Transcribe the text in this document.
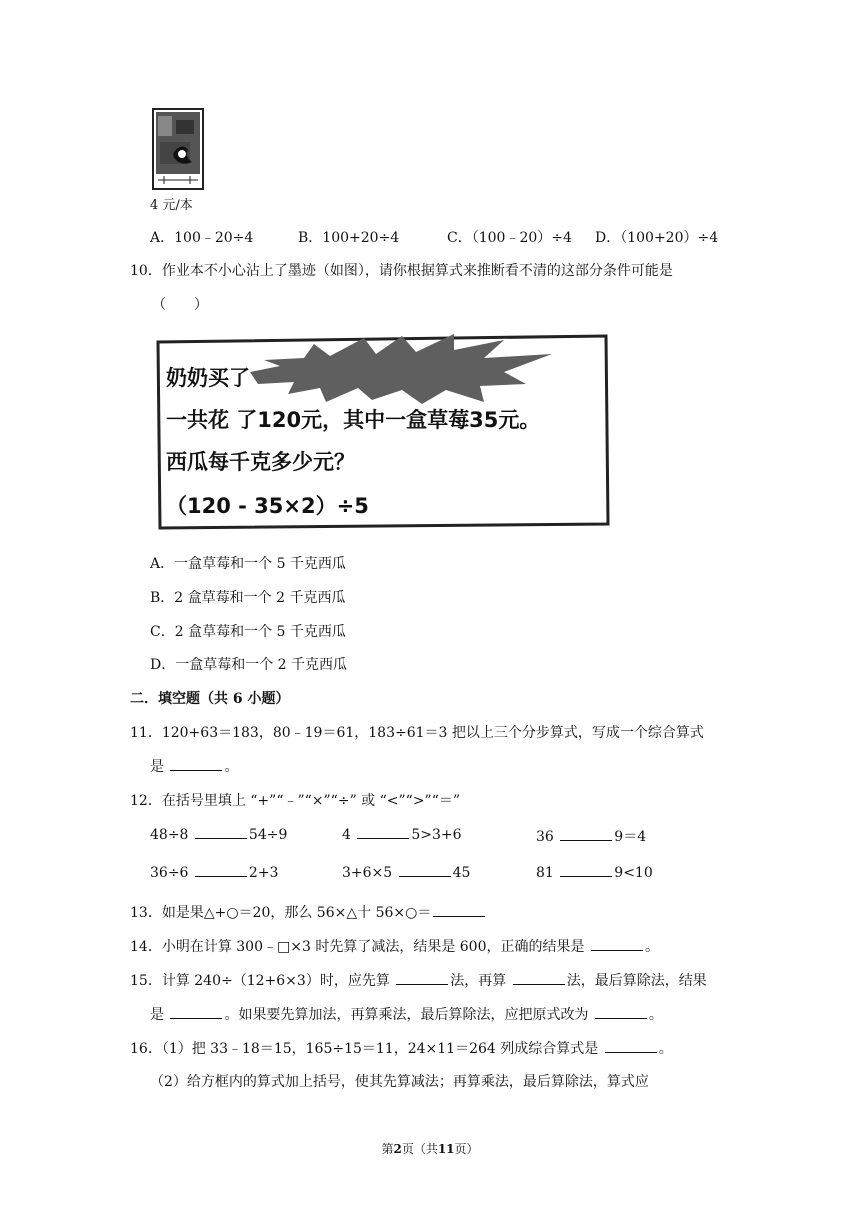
4 元/本
A．100﹣20÷4	B．100+20÷4	C．（100﹣20）÷4 D．（100+20）÷4
10．作业本不小心沾上了墨迹（如图），请你根据算式来推断看不清的这部分条件可能是
（　　）
奶奶买了
一共花 了120元，其中一盒草莓35元。
西瓜每千克多少元？
（120 - 35×2）÷5
A．一盒草莓和一个 5 千克西瓜
B．2 盒草莓和一个 2 千克西瓜
C．2 盒草莓和一个 5 千克西瓜
D．一盒草莓和一个 2 千克西瓜
二．填空题（共 6 小题）
11．120+63＝183，80﹣19＝61，183÷61＝3 把以上三个分步算式，写成一个综合算式
是	。
12．在括号里填上 “+”“﹣”“×”“÷” 或 “<”“>”“＝”
48÷8	54÷9	4	5>3+6	36	9＝4
36÷6	2+3	3+6×5	45	81	9<10
13．如是果△+○＝20，那么 56×△十 56×○＝
14．小明在计算 300﹣□×3 时先算了减法，结果是 600，正确的结果是	。
15．计算 240÷（12+6×3）时，应先算	法，再算	法，最后算除法，结果
是	。如果要先算加法，再算乘法，最后算除法，应把原式改为	。
16．（1）把 33﹣18＝15，165÷15＝11，24×11＝264 列成综合算式是	。
（2）给方框内的算式加上括号，使其先算减法；再算乘法，最后算除法，算式应
第2页（共11页）
